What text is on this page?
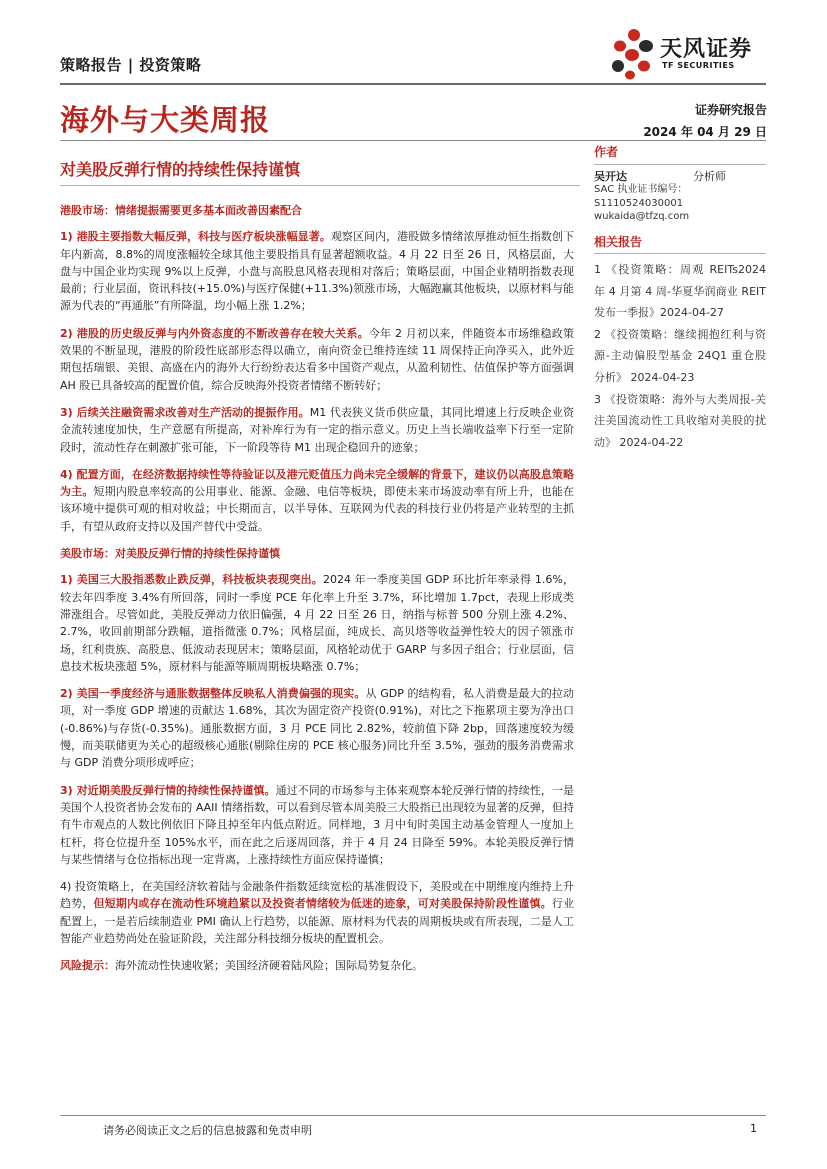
策略报告 | 投资策略
天风证券
TF SECURITIES
海外与大类周报	证券研究报告
2024 年 04 月 29 日
对美股反弹行情的持续性保持谨慎
港股市场：情绪提振需要更多基本面改善因素配合

1) 港股主要指数大幅反弹，科技与医疗板块涨幅显著。观察区间内，港股做多情绪浓厚推动恒生指数创下年内新高，8.8%的周度涨幅较全球其他主要股指具有显著超额收益。4 月 22 日至 26 日，风格层面，大盘与中国企业均实现 9%以上反弹，小盘与高股息风格表现相对落后；策略层面，中国企业精明指数表现最前；行业层面，资讯科技(+15.0%)与医疗保健(+11.3%)领涨市场，大幅跑赢其他板块，以原材料与能源为代表的“再通胀”有所降温，均小幅上涨 1.2%；

2) 港股的历史级反弹与内外资态度的不断改善存在较大关系。今年 2 月初以来，伴随资本市场维稳政策效果的不断显现，港股的阶段性底部形态得以确立，南向资金已维持连续 11 周保持正向净买入，此外近期包括瑞银、美银、高盛在内的海外大行纷纷表达看多中国资产观点，从盈利韧性、估值保护等方面强调 AH 股已具备较高的配置价值，综合反映海外投资者情绪不断转好；

3) 后续关注融资需求改善对生产活动的提振作用。M1 代表狭义货币供应量，其同比增速上行反映企业资金流转速度加快，生产意愿有所提高，对补库行为有一定的指示意义。历史上当长端收益率下行至一定阶段时，流动性存在刺激扩张可能，下一阶段等待 M1 出现企稳回升的迹象；

4) 配置方面，在经济数据持续性等待验证以及港元贬值压力尚未完全缓解的背景下，建议仍以高股息策略为主。短期内股息率较高的公用事业、能源、金融、电信等板块，即使未来市场波动率有所上升，也能在该环境中提供可观的相对收益；中长期而言，以半导体、互联网为代表的科技行业仍将是产业转型的主抓手，有望从政府支持以及国产替代中受益。

美股市场：对美股反弹行情的持续性保持谨慎

1) 美国三大股指悉数止跌反弹，科技板块表现突出。2024 年一季度美国 GDP 环比折年率录得 1.6%，较去年四季度 3.4%有所回落，同时一季度 PCE 年化率上升至 3.7%，环比增加 1.7pct，表现上形成类滞涨组合。尽管如此，美股反弹动力依旧偏强，4 月 22 日至 26 日，纳指与标普 500 分别上涨 4.2%、2.7%，收回前期部分跌幅，道指微涨 0.7%；风格层面，纯成长、高贝塔等收益弹性较大的因子领涨市场，红利贵族、高股息、低波动表现居末；策略层面，风格轮动优于 GARP 与多因子组合；行业层面，信息技术板块涨超 5%，原材料与能源等顺周期板块略涨 0.7%；

2) 美国一季度经济与通胀数据整体反映私人消费偏强的现实。从 GDP 的结构看，私人消费是最大的拉动项，对一季度 GDP 增速的贡献达 1.68%，其次为固定资产投资(0.91%)，对比之下拖累项主要为净出口(-0.86%)与存货(-0.35%)。通胀数据方面，3 月 PCE 同比 2.82%，较前值下降 2bp，回落速度较为缓慢，而美联储更为关心的超级核心通胀(剔除住房的 PCE 核心服务)同比升至 3.5%，强劲的服务消费需求与 GDP 消费分项形成呼应；

3) 对近期美股反弹行情的持续性保持谨慎。通过不同的市场参与主体来观察本轮反弹行情的持续性，一是美国个人投资者协会发布的 AAII 情绪指数，可以看到尽管本周美股三大股指已出现较为显著的反弹，但持有牛市观点的人数比例依旧下降且掉至年内低点附近。同样地，3 月中旬时美国主动基金管理人一度加上杠杆，将仓位提升至 105%水平，而在此之后逐周回落，并于 4 月 24 日降至 59%。本轮美股反弹行情与某些情绪与仓位指标出现一定背离，上涨持续性方面应保持谨慎；

4) 投资策略上，在美国经济软着陆与金融条件指数延续宽松的基准假设下，美股或在中期维度内维持上升趋势，但短期内或存在流动性环境趋紧以及投资者情绪较为低迷的迹象，可对美股保持阶段性谨慎。行业配置上，一是若后续制造业 PMI 确认上行趋势，以能源、原材料为代表的周期板块或有所表现，二是人工智能产业趋势尚处在验证阶段，关注部分科技细分板块的配置机会。

风险提示：海外流动性快速收紧；美国经济硬着陆风险；国际局势复杂化。

作者
吴开达	分析师
SAC 执业证书编号：
S1110524030001
wukaida@tfzq.com
相关报告
1 《投资策略：周观 REITs2024 年 4 月第 4 周-华夏华润商业 REIT 发布一季报》2024-04-27
2 《投资策略：继续拥抱红利与资源-主动偏股型基金 24Q1 重仓股分析》 2024-04-23
3 《投资策略：海外与大类周报-关注美国流动性工具收缩对美股的扰动》 2024-04-22
请务必阅读正文之后的信息披露和免责申明	1
